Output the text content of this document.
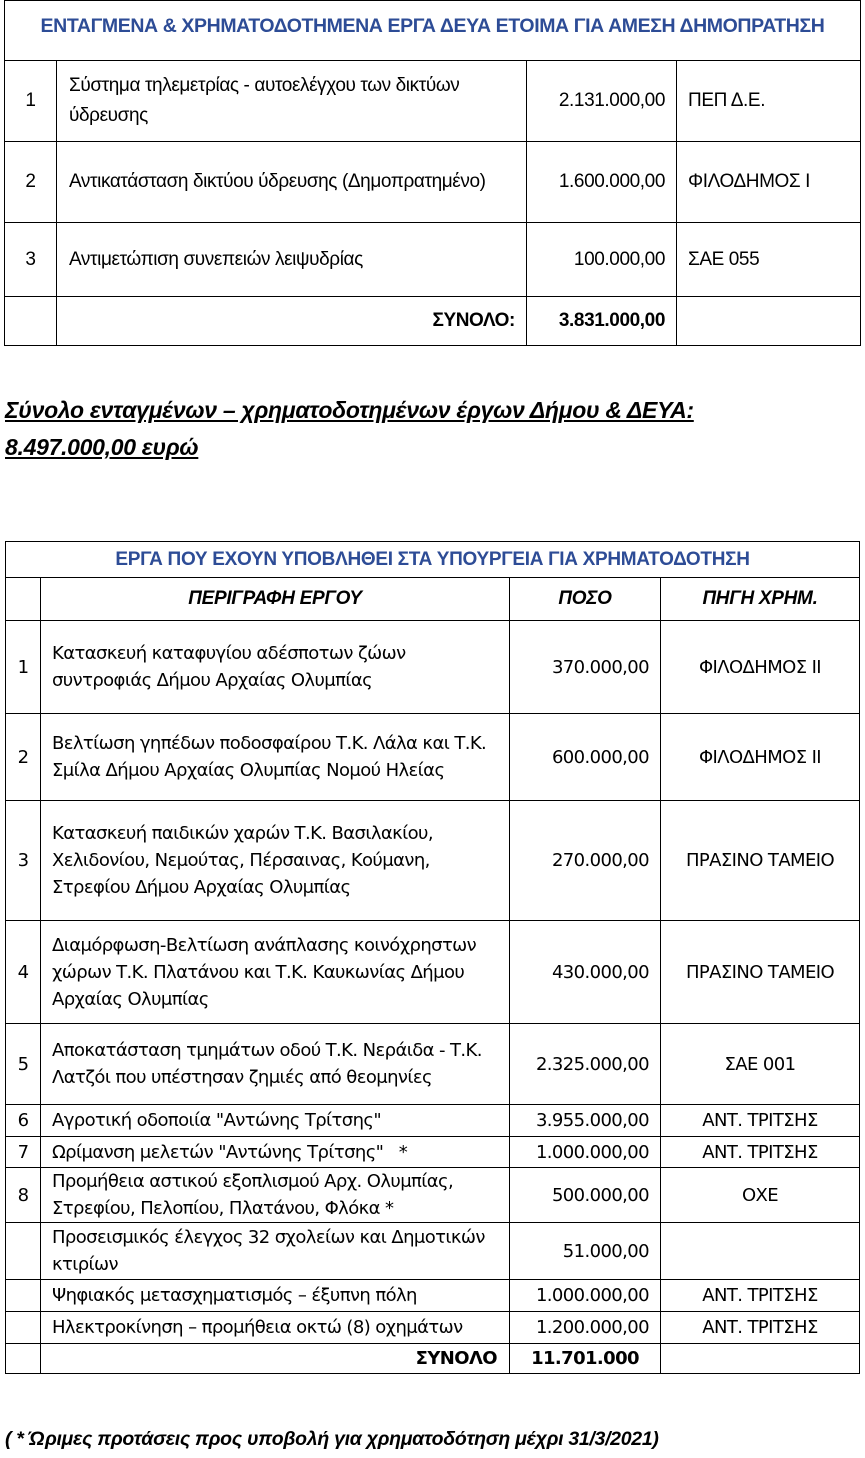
ΕΝΤΑΓΜΕΝΑ & ΧΡΗΜΑΤΟΔΟΤΗΜΕΝΑ ΕΡΓΑ ΔΕΥΑ ΕΤΟΙΜΑ ΓΙΑ ΑΜΕΣΗ ΔΗΜΟΠΡΑΤΗΣΗ			
1	Σύστημα τηλεμετρίας - αυτοελέγχου των δικτύων ύδρευσης	2.131.000,00	ΠΕΠ Δ.Ε.
2	Αντικατάσταση δικτύου ύδρευσης (Δημοπρατημένο)	1.600.000,00	ΦΙΛΟΔΗΜΟΣ Ι
3	Αντιμετώπιση συνεπειών λειψυδρίας	100.000,00	ΣΑΕ 055
	ΣΥΝΟΛΟ:	3.831.000,00	
Σύνολο ενταγμένων – χρηματοδοτημένων έργων Δήμου & ΔΕΥΑ:
8.497.000,00 ευρώ
ΕΡΓΑ ΠΟΥ ΕΧΟΥΝ ΥΠΟΒΛΗΘΕΙ ΣΤΑ ΥΠΟΥΡΓΕΙΑ ΓΙΑ ΧΡΗΜΑΤΟΔΟΤΗΣΗ			
	ΠΕΡΙΓΡΑΦΗ ΕΡΓΟΥ	ΠΟΣΟ	ΠΗΓΗ ΧΡΗΜ.
1	Κατασκευή καταφυγίου αδέσποτων ζώων συντροφιάς Δήμου Αρχαίας Ολυμπίας	370.000,00	ΦΙΛΟΔΗΜΟΣ ΙΙ
2	Βελτίωση γηπέδων ποδοσφαίρου Τ.Κ. Λάλα και Τ.Κ. Σμίλα Δήμου Αρχαίας Ολυμπίας Νομού Ηλείας	600.000,00	ΦΙΛΟΔΗΜΟΣ ΙΙ
3	Κατασκευή παιδικών χαρών Τ.Κ. Βασιλακίου, Χελιδονίου, Νεμούτας, Πέρσαινας, Κούμανη, Στρεφίου Δήμου Αρχαίας Ολυμπίας	270.000,00	ΠΡΑΣΙΝΟ ΤΑΜΕΙΟ
4	Διαμόρφωση-Βελτίωση ανάπλασης κοινόχρηστων χώρων Τ.Κ. Πλατάνου και Τ.Κ. Καυκωνίας Δήμου Αρχαίας Ολυμπίας	430.000,00	ΠΡΑΣΙΝΟ ΤΑΜΕΙΟ
5	Αποκατάσταση τμημάτων οδού Τ.Κ. Νεράιδα - Τ.Κ. Λατζόι που υπέστησαν ζημιές από θεομηνίες	2.325.000,00	ΣΑΕ 001
6	Αγροτική οδοποιία "Αντώνης Τρίτσης"	3.955.000,00	ΑΝΤ. ΤΡΙΤΣΗΣ
7	Ωρίμανση μελετών "Αντώνης Τρίτσης"   *	1.000.000,00	ΑΝΤ. ΤΡΙΤΣΗΣ
8	Προμήθεια αστικού εξοπλισμού Αρχ. Ολυμπίας, Στρεφίου, Πελοπίου, Πλατάνου, Φλόκα *	500.000,00	ΟΧΕ
	Προσεισμικός έλεγχος 32 σχολείων και Δημοτικών κτιρίων	51.000,00	
	Ψηφιακός μετασχηματισμός – έξυπνη πόλη	1.000.000,00	ΑΝΤ. ΤΡΙΤΣΗΣ
	Ηλεκτροκίνηση – προμήθεια οκτώ (8) οχημάτων	1.200.000,00	ΑΝΤ. ΤΡΙΤΣΗΣ
	ΣΥΝΟΛΟ	11.701.000	
( * Ώριμες προτάσεις προς υποβολή για χρηματοδότηση μέχρι 31/3/2021)
